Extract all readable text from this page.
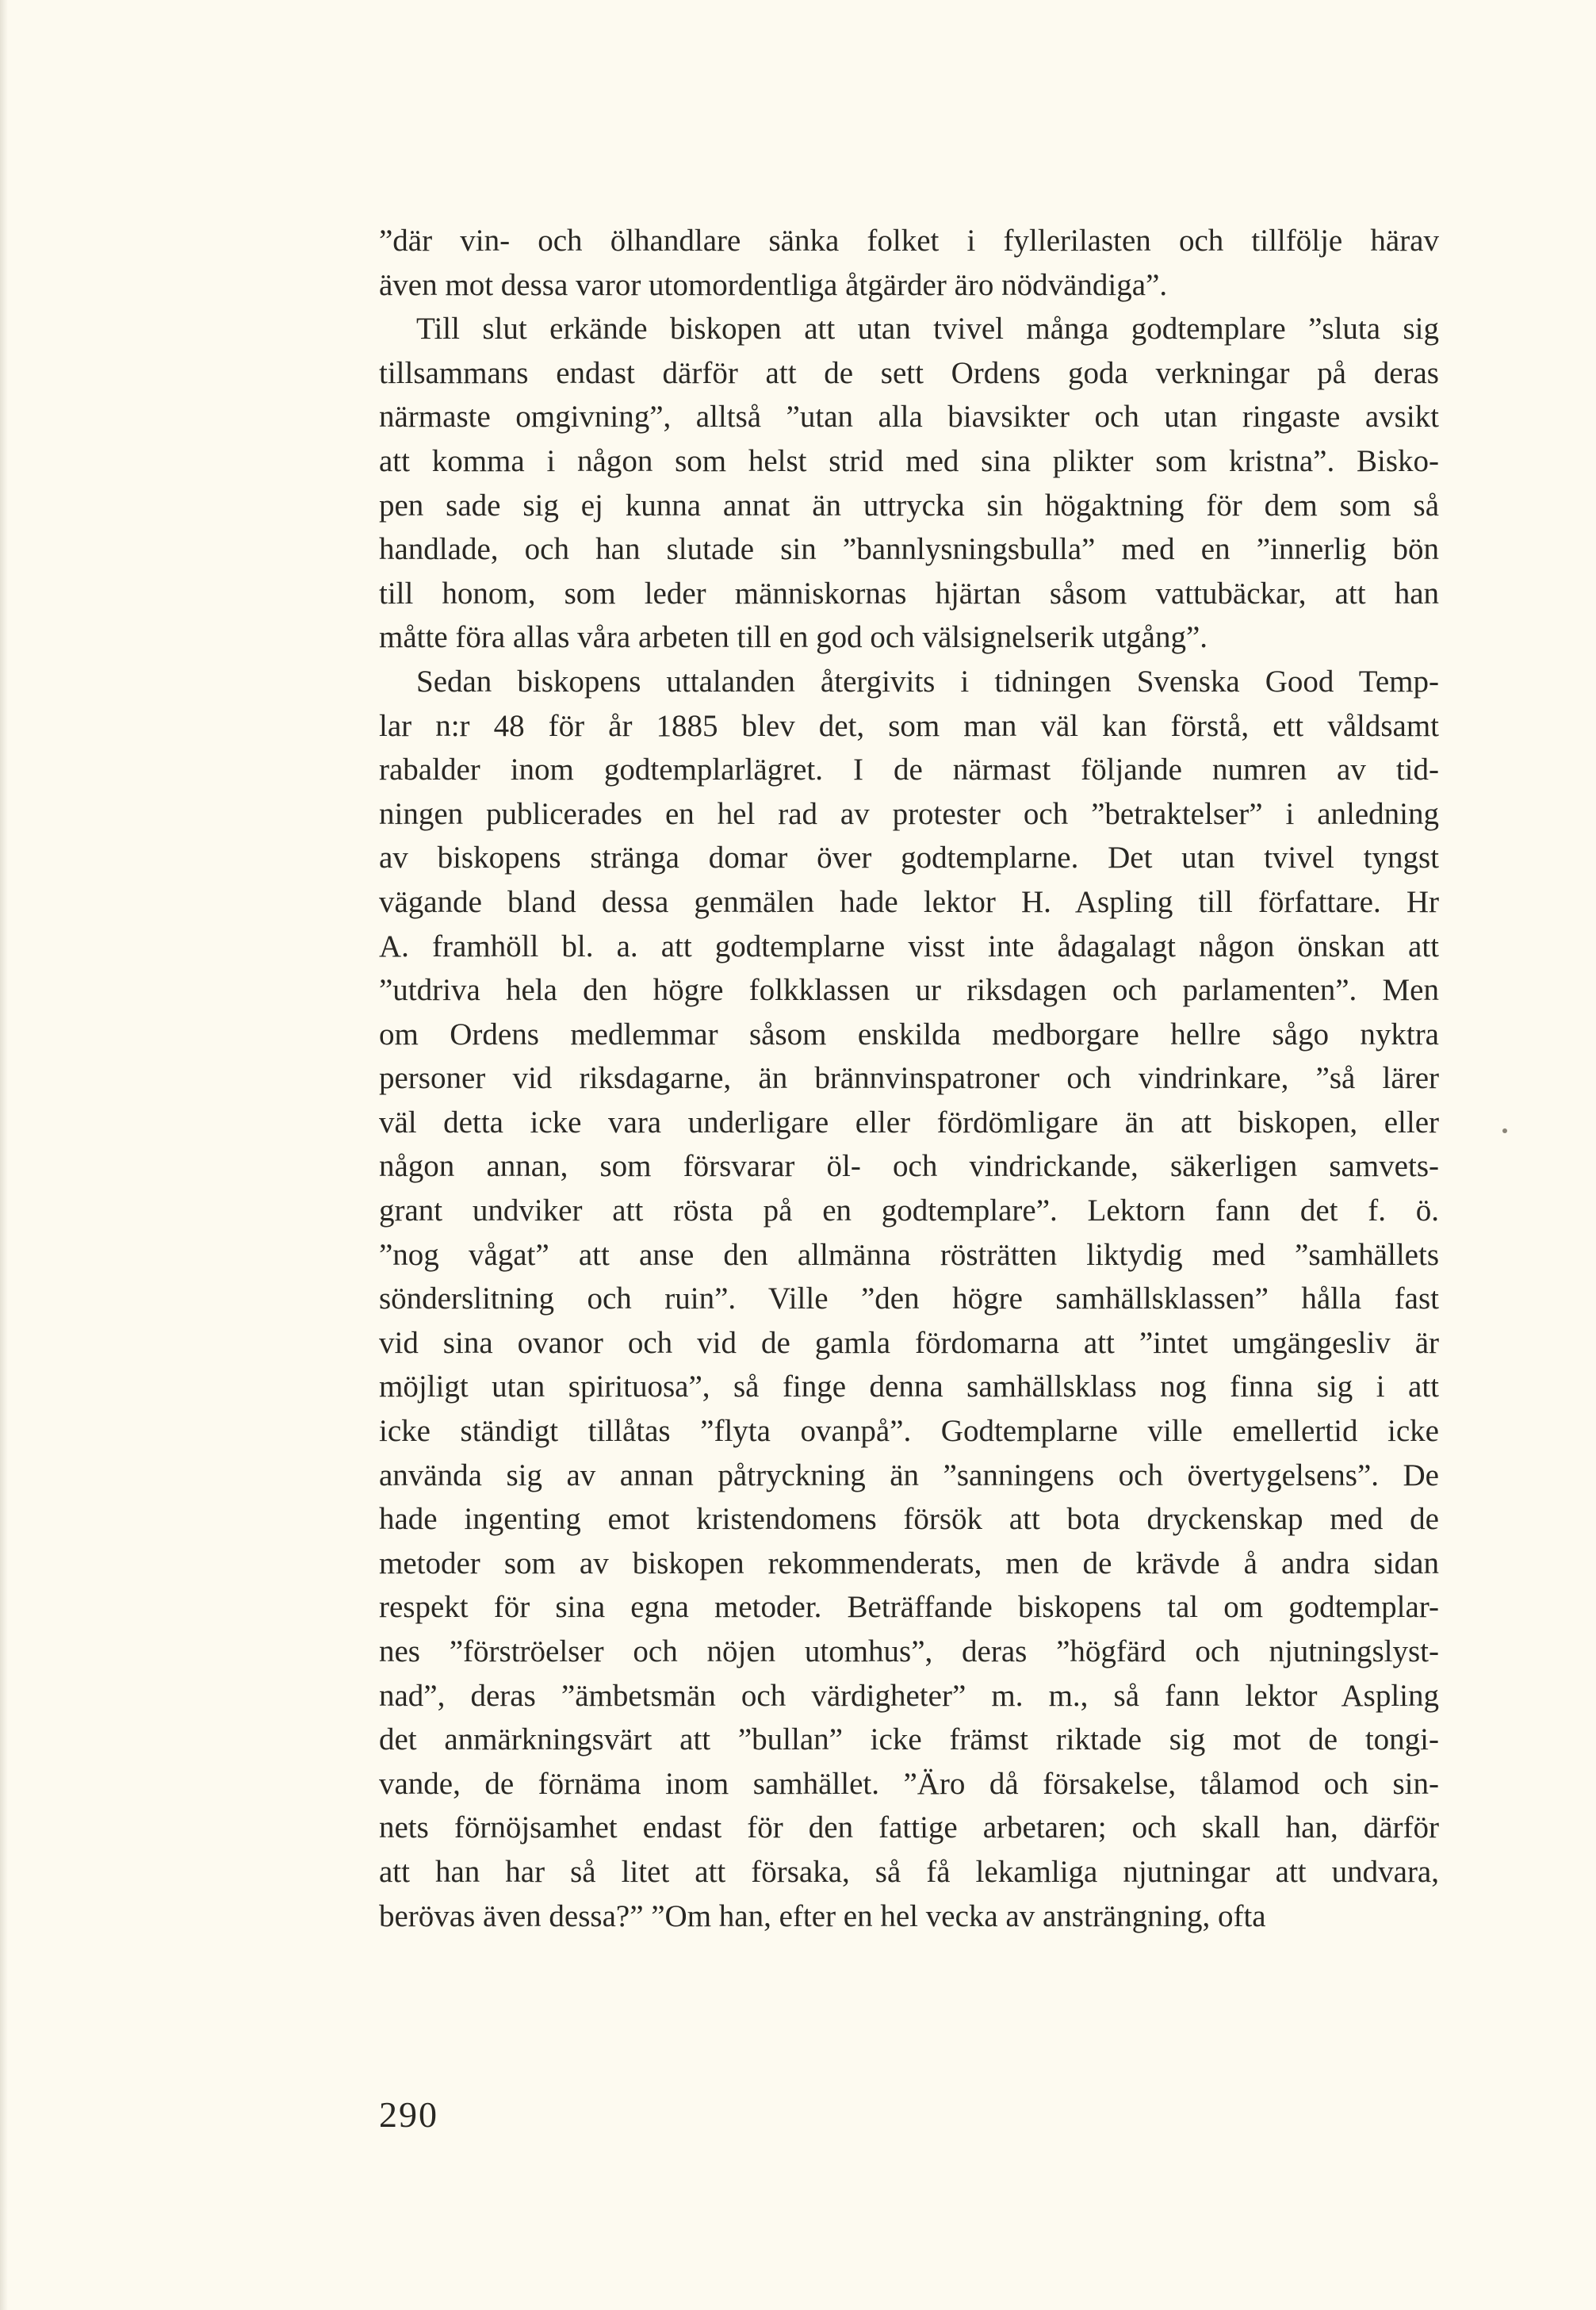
”där vin- och ölhandlare sänka folket i fyllerilasten och tillfölje härav
även mot dessa varor utomordentliga åtgärder äro nödvändiga”.
Till slut erkände biskopen att utan tvivel många godtemplare ”sluta sig
tillsammans endast därför att de sett Ordens goda verkningar på deras
närmaste omgivning”, alltså ”utan alla biavsikter och utan ringaste avsikt
att komma i någon som helst strid med sina plikter som kristna”. Bisko-
pen sade sig ej kunna annat än uttrycka sin högaktning för dem som så
handlade, och han slutade sin ”bannlysningsbulla” med en ”innerlig bön
till honom, som leder människornas hjärtan såsom vattubäckar, att han
måtte föra allas våra arbeten till en god och välsignelserik utgång”.
Sedan biskopens uttalanden återgivits i tidningen Svenska Good Temp-
lar n:r 48 för år 1885 blev det, som man väl kan förstå, ett våldsamt
rabalder inom godtemplarlägret. I de närmast följande numren av tid-
ningen publicerades en hel rad av protester och ”betraktelser” i anledning
av biskopens stränga domar över godtemplarne. Det utan tvivel tyngst
vägande bland dessa genmälen hade lektor H. Aspling till författare. Hr
A. framhöll bl. a. att godtemplarne visst inte ådagalagt någon önskan att
”utdriva hela den högre folkklassen ur riksdagen och parlamenten”. Men
om Ordens medlemmar såsom enskilda medborgare hellre sågo nyktra
personer vid riksdagarne, än brännvinspatroner och vindrinkare, ”så lärer
väl detta icke vara underligare eller fördömligare än att biskopen, eller
någon annan, som försvarar öl- och vindrickande, säkerligen samvets-
grant undviker att rösta på en godtemplare”. Lektorn fann det f. ö.
”nog vågat” att anse den allmänna rösträtten liktydig med ”samhällets
sönderslitning och ruin”. Ville ”den högre samhällsklassen” hålla fast
vid sina ovanor och vid de gamla fördomarna att ”intet umgängesliv är
möjligt utan spirituosa”, så finge denna samhällsklass nog finna sig i att
icke ständigt tillåtas ”flyta ovanpå”. Godtemplarne ville emellertid icke
använda sig av annan påtryckning än ”sanningens och övertygelsens”. De
hade ingenting emot kristendomens försök att bota dryckenskap med de
metoder som av biskopen rekommenderats, men de krävde å andra sidan
respekt för sina egna metoder. Beträffande biskopens tal om godtemplar-
nes ”förströelser och nöjen utomhus”, deras ”högfärd och njutningslyst-
nad”, deras ”ämbetsmän och värdigheter” m. m., så fann lektor Aspling
det anmärkningsvärt att ”bullan” icke främst riktade sig mot de tongi-
vande, de förnäma inom samhället. ”Äro då försakelse, tålamod och sin-
nets förnöjsamhet endast för den fattige arbetaren; och skall han, därför
att han har så litet att försaka, så få lekamliga njutningar att undvara,
berövas även dessa?” ”Om han, efter en hel vecka av ansträngning, ofta
290
